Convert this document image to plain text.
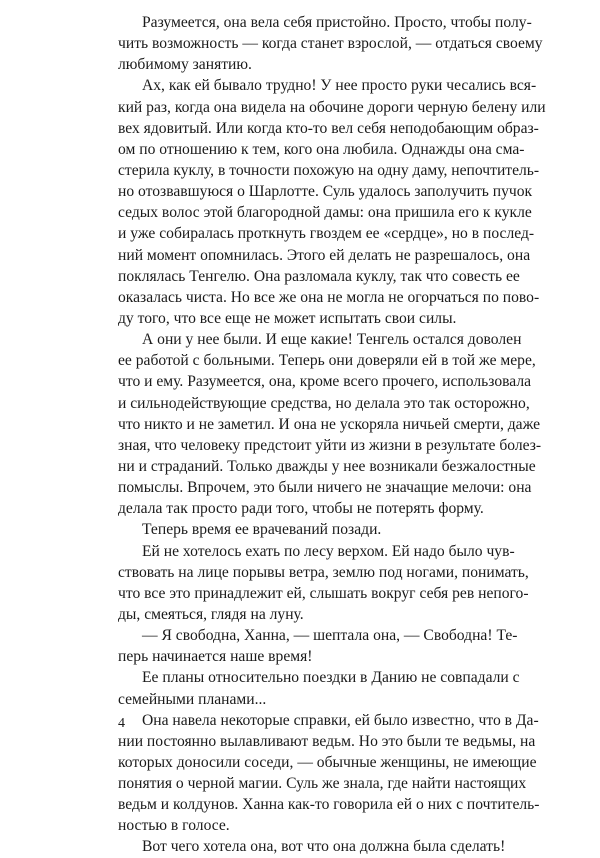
Разумеется, она вела себя пристойно. Просто, чтобы полу-
чить возможность — когда станет взрослой, — отдаться своему
любимому занятию.
Ах, как ей бывало трудно! У нее просто руки чесались вся-
кий раз, когда она видела на обочине дороги черную белену или
вех ядовитый. Или когда кто-то вел себя неподобающим образ-
ом по отношению к тем, кого она любила. Однажды она сма-
стерила куклу, в точности похожую на одну даму, непочтитель-
но отозвавшуюся о Шарлотте. Суль удалось заполучить пучок
седых волос этой благородной дамы: она пришила его к кукле
и уже собиралась проткнуть гвоздем ее «сердце», но в послед-
ний момент опомнилась. Этого ей делать не разрешалось, она
поклялась Тенгелю. Она разломала куклу, так что совесть ее
оказалась чиста. Но все же она не могла не огорчаться по пово-
ду того, что все еще не может испытать свои силы.
А они у нее были. И еще какие! Тенгель остался доволен
ее работой с больными. Теперь они доверяли ей в той же мере,
что и ему. Разумеется, она, кроме всего прочего, использовала
и сильнодействующие средства, но делала это так осторожно,
что никто и не заметил. И она не ускоряла ничьей смерти, даже
зная, что человеку предстоит уйти из жизни в результате болез-
ни и страданий. Только дважды у нее возникали безжалостные
помыслы. Впрочем, это были ничего не значащие мелочи: она
делала так просто ради того, чтобы не потерять форму.
Теперь время ее врачеваний позади.
Ей не хотелось ехать по лесу верхом. Ей надо было чув-
ствовать на лице порывы ветра, землю под ногами, понимать,
что все это принадлежит ей, слышать вокруг себя рев непого-
ды, смеяться, глядя на луну.
— Я свободна, Ханна, — шептала она, — Свободна! Те-
перь начинается наше время!
Ее планы относительно поездки в Данию не совпадали с
семейными планами...
Она навела некоторые справки, ей было известно, что в Да-
нии постоянно вылавливают ведьм. Но это были те ведьмы, на
которых доносили соседи, — обычные женщины, не имеющие
понятия о черной магии. Суль же знала, где найти настоящих
ведьм и колдунов. Ханна как-то говорила ей о них с почтитель-
ностью в голосе.
Вот чего хотела она, вот что она должна была сделать!
4
